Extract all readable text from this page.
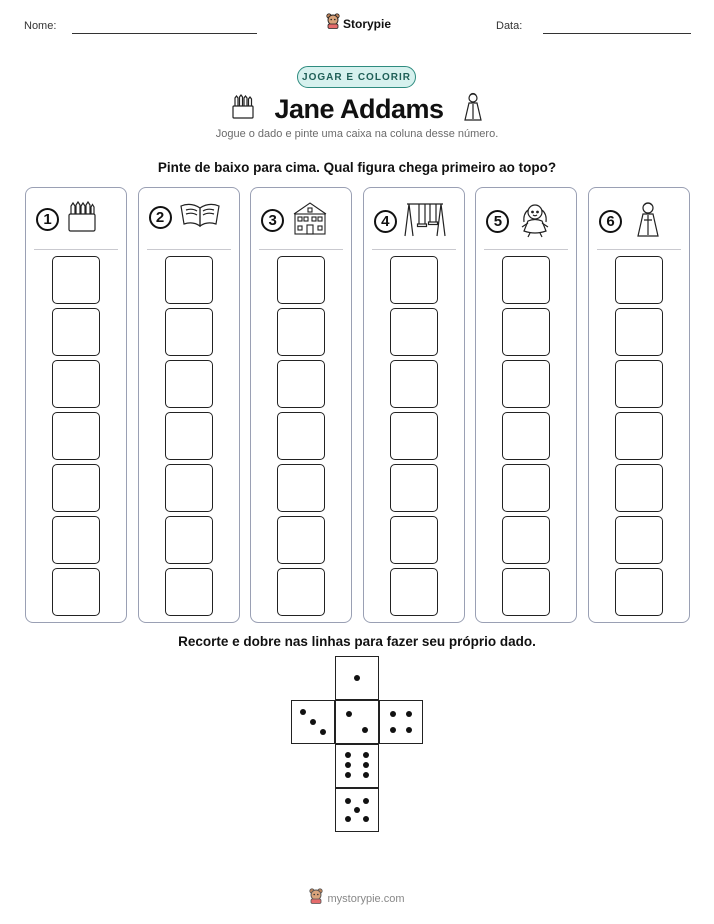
Nome:	Storypie	Data:
JOGAR E COLORIR
Jane Addams
Jogue o dado e pinte uma caixa na coluna desse número.
Pinte de baixo para cima. Qual figura chega primeiro ao topo?
1	2	3	4	5	6
Recorte e dobre nas linhas para fazer seu próprio dado.
mystorypie.com
